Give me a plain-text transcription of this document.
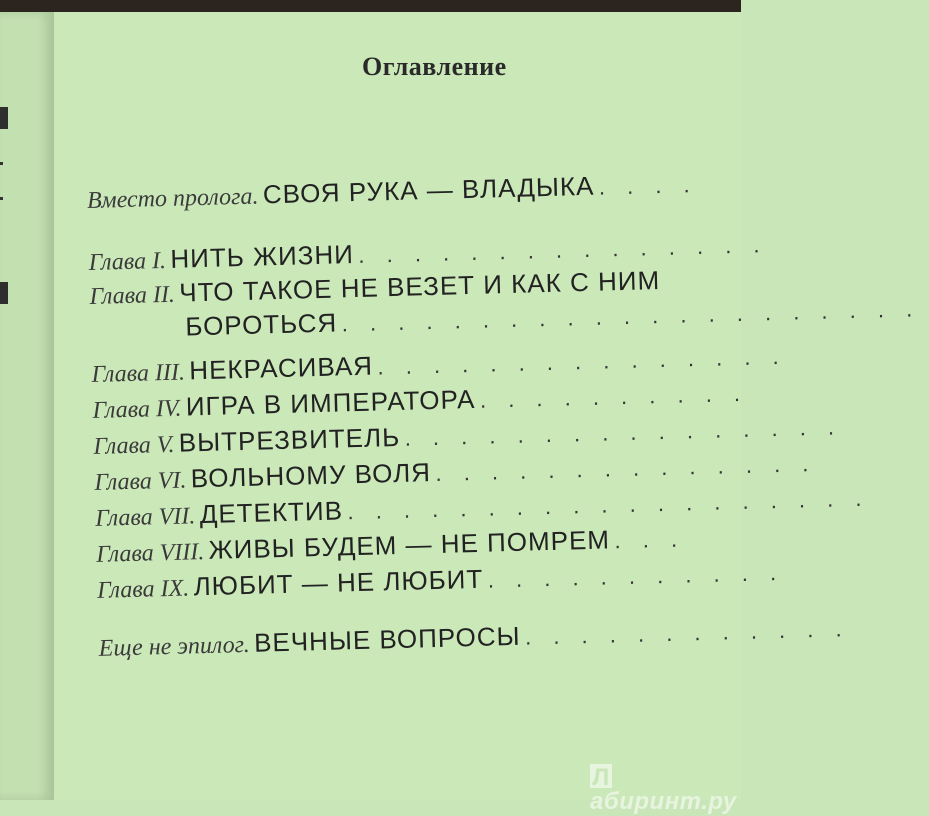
Оглавление
Вместо пролога. СВОЯ РУКА — ВЛАДЫКА . . . .
Глава I. НИТЬ ЖИЗНИ . . . . . . . . . . . . . . .
Глава II. ЧТО ТАКОЕ НЕ ВЕЗЕТ И КАК С НИМ
БОРОТЬСЯ . . . . . . . . . . . . . . . . . . . . .
Глава III. НЕКРАСИВАЯ . . . . . . . . . . . . . . .
Глава IV. ИГРА В ИМПЕРАТОРА . . . . . . . . . .
Глава V. ВЫТРЕЗВИТЕЛЬ . . . . . . . . . . . . . . . .
Глава VI. ВОЛЬНОМУ ВОЛЯ . . . . . . . . . . . . . .
Глава VII. ДЕТЕКТИВ . . . . . . . . . . . . . . . . . . .
Глава VIII. ЖИВЫ БУДЕМ — НЕ ПОМРЕМ . . .
Глава IX. ЛЮБИТ — НЕ ЛЮБИТ . . . . . . . . . . .
Еще не эпилог. ВЕЧНЫЕ ВОПРОСЫ . . . . . . . . . . . .
Лабиринт.ру
